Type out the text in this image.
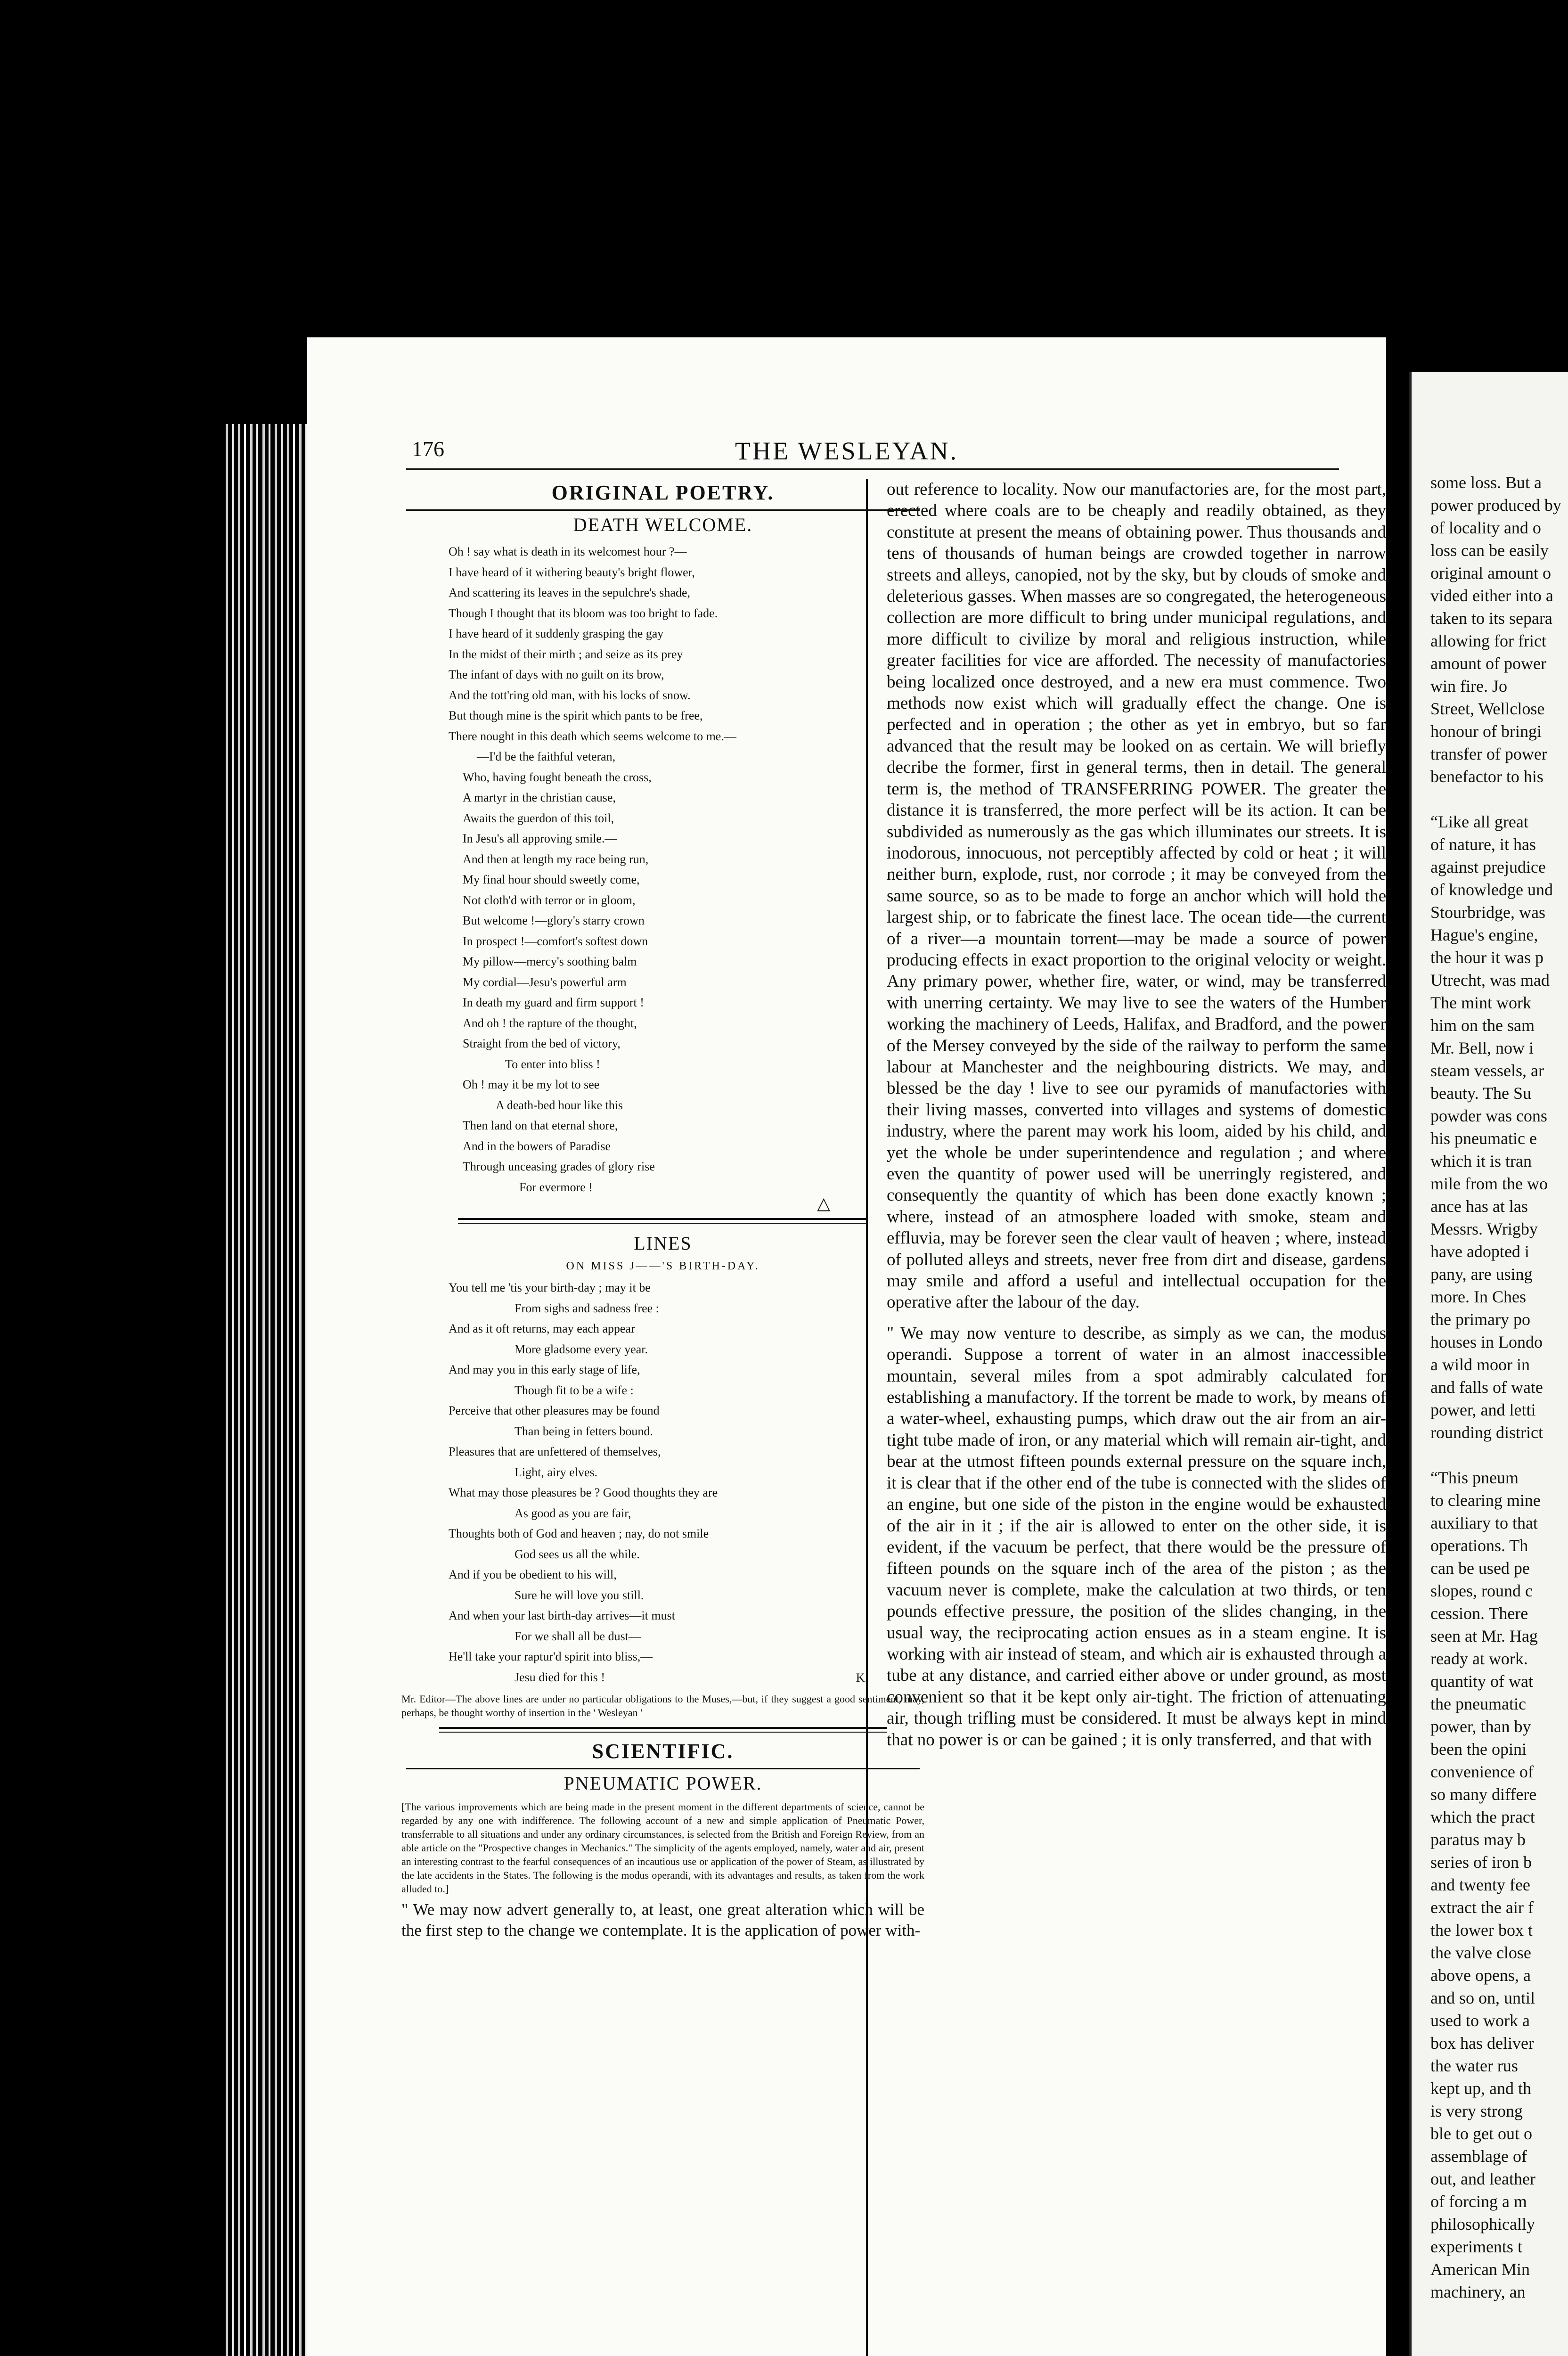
some loss. But a
power produced by
of locality and o
loss can be easily
original amount o
vided either into a
taken to its separa
allowing for frict
amount of power
win fire. Jo
Street, Wellclose
honour of bringi
transfer of power
benefactor to his

“Like all great
of nature, it has
against prejudice
of knowledge und
Stourbridge, was
Hague's engine,
the hour it was p
Utrecht, was mad
The mint work
him on the sam
Mr. Bell, now i
steam vessels, ar
beauty. The Su
powder was cons
his pneumatic e
which it is tran
mile from the wo
ance has at las
Messrs. Wrigby
have adopted i
pany, are using
more. In Ches
the primary po
houses in Londo
a wild moor in
and falls of wate
power, and letti
rounding district

“This pneum
to clearing mine
auxiliary to that
operations. Th
can be used pe
slopes, round c
cession. There
seen at Mr. Hag
ready at work.
quantity of wat
the pneumatic
power, than by
been the opini
convenience of
so many differe
which the pract
paratus may b
series of iron b
and twenty fee
extract the air f
the lower box t
the valve close
above opens, a
and so on, until
used to work a
box has deliver
the water rus
kept up, and th
is very strong
ble to get out o
assemblage of
out, and leather
of forcing a m
philosophically
experiments t
American Min
machinery, an
176	THE WESLEYAN.
ORIGINAL POETRY.
DEATH WELCOME.
Oh ! say what is death in its welcomest hour ?—
I have heard of it withering beauty's bright flower,
And scattering its leaves in the sepulchre's shade,
Though I thought that its bloom was too bright to fade.
I have heard of it suddenly grasping the gay
In the midst of their mirth ; and seize as its prey
The infant of days with no guilt on its brow,
And the tott'ring old man, with his locks of snow.
But though mine is the spirit which pants to be free,
There nought in this death which seems welcome to me.—
—I'd be the faithful veteran,
Who, having fought beneath the cross,
A martyr in the christian cause,
Awaits the guerdon of this toil,
In Jesu's all approving smile.—
And then at length my race being run,
My final hour should sweetly come,
Not cloth'd with terror or in gloom,
But welcome !—glory's starry crown
In prospect !—comfort's softest down
My pillow—mercy's soothing balm
My cordial—Jesu's powerful arm
In death my guard and firm support !
And oh ! the rapture of the thought,
Straight from the bed of victory,
To enter into bliss !
Oh ! may it be my lot to see
A death-bed hour like this
Then land on that eternal shore,
And in the bowers of Paradise
Through unceasing grades of glory rise
For evermore !
△
LINES
ON MISS J——'S BIRTH-DAY.
You tell me 'tis your birth-day ; may it be
From sighs and sadness free :
And as it oft returns, may each appear
More gladsome every year.
And may you in this early stage of life,
Though fit to be a wife :
Perceive that other pleasures may be found
Than being in fetters bound.
Pleasures that are unfettered of themselves,
Light, airy elves.
What may those pleasures be ? Good thoughts they are
As good as you are fair,
Thoughts both of God and heaven ; nay, do not smile
God sees us all the while.
And if you be obedient to his will,
Sure he will love you still.
And when your last birth-day arrives—it must
For we shall all be dust—
He'll take your raptur'd spirit into bliss,—
Jesu died for this !	K.
Mr. Editor—The above lines are under no particular obligations to the Muses,—but, if they suggest a good sentiment, may, perhaps, be thought worthy of insertion in the ' Wesleyan '
SCIENTIFIC.
PNEUMATIC POWER.
[The various improvements which are being made in the present moment in the different departments of science, cannot be regarded by any one with indifference. The following account of a new and simple application of Pneumatic Power, transferrable to all situations and under any ordinary circumstances, is selected from the British and Foreign Review, from an able article on the "Prospective changes in Mechanics." The simplicity of the agents employed, namely, water and air, present an interesting contrast to the fearful consequences of an incautious use or application of the power of Steam, as illustrated by the late accidents in the States. The following is the modus operandi, with its advantages and results, as taken from the work alluded to.]
" We may now advert generally to, at least, one great alteration which will be the first step to the change we contemplate. It is the application of power with-

out reference to locality. Now our manufactories are, for the most part, erected where coals are to be cheaply and readily obtained, as they constitute at present the means of obtaining power. Thus thousands and tens of thousands of human beings are crowded together in narrow streets and alleys, canopied, not by the sky, but by clouds of smoke and deleterious gasses. When masses are so congregated, the heterogeneous collection are more difficult to bring under municipal regulations, and more difficult to civilize by moral and religious instruction, while greater facilities for vice are afforded. The necessity of manufactories being localized once destroyed, and a new era must commence. Two methods now exist which will gradually effect the change. One is perfected and in operation ; the other as yet in embryo, but so far advanced that the result may be looked on as certain. We will briefly decribe the former, first in general terms, then in detail. The general term is, the method of TRANSFERRING POWER. The greater the distance it is transferred, the more perfect will be its action. It can be subdivided as numerously as the gas which illuminates our streets. It is inodorous, innocuous, not perceptibly affected by cold or heat ; it will neither burn, explode, rust, nor corrode ; it may be conveyed from the same source, so as to be made to forge an anchor which will hold the largest ship, or to fabricate the finest lace. The ocean tide—the current of a river—a mountain torrent—may be made a source of power producing effects in exact proportion to the original velocity or weight. Any primary power, whether fire, water, or wind, may be transferred with unerring certainty. We may live to see the waters of the Humber working the machinery of Leeds, Halifax, and Bradford, and the power of the Mersey conveyed by the side of the railway to perform the same labour at Manchester and the neighbouring districts. We may, and blessed be the day ! live to see our pyramids of manufactories with their living masses, converted into villages and systems of domestic industry, where the parent may work his loom, aided by his child, and yet the whole be under superintendence and regulation ; and where even the quantity of power used will be unerringly registered, and consequently the quantity of which has been done exactly known ; where, instead of an atmosphere loaded with smoke, steam and effluvia, may be forever seen the clear vault of heaven ; where, instead of polluted alleys and streets, never free from dirt and disease, gardens may smile and afford a useful and intellectual occupation for the operative after the labour of the day.

" We may now venture to describe, as simply as we can, the modus operandi. Suppose a torrent of water in an almost inaccessible mountain, several miles from a spot admirably calculated for establishing a manufactory. If the torrent be made to work, by means of a water-wheel, exhausting pumps, which draw out the air from an air-tight tube made of iron, or any material which will remain air-tight, and bear at the utmost fifteen pounds external pressure on the square inch, it is clear that if the other end of the tube is connected with the slides of an engine, but one side of the piston in the engine would be exhausted of the air in it ; if the air is allowed to enter on the other side, it is evident, if the vacuum be perfect, that there would be the pressure of fifteen pounds on the square inch of the area of the piston ; as the vacuum never is complete, make the calculation at two thirds, or ten pounds effective pressure, the position of the slides changing, in the usual way, the reciprocating action ensues as in a steam engine. It is working with air instead of steam, and which air is exhausted through a tube at any distance, and carried either above or under ground, as most convenient so that it be kept only air-tight. The friction of attenuating air, though trifling must be considered. It must be always kept in mind that no power is or can be gained ; it is only transferred, and that with
